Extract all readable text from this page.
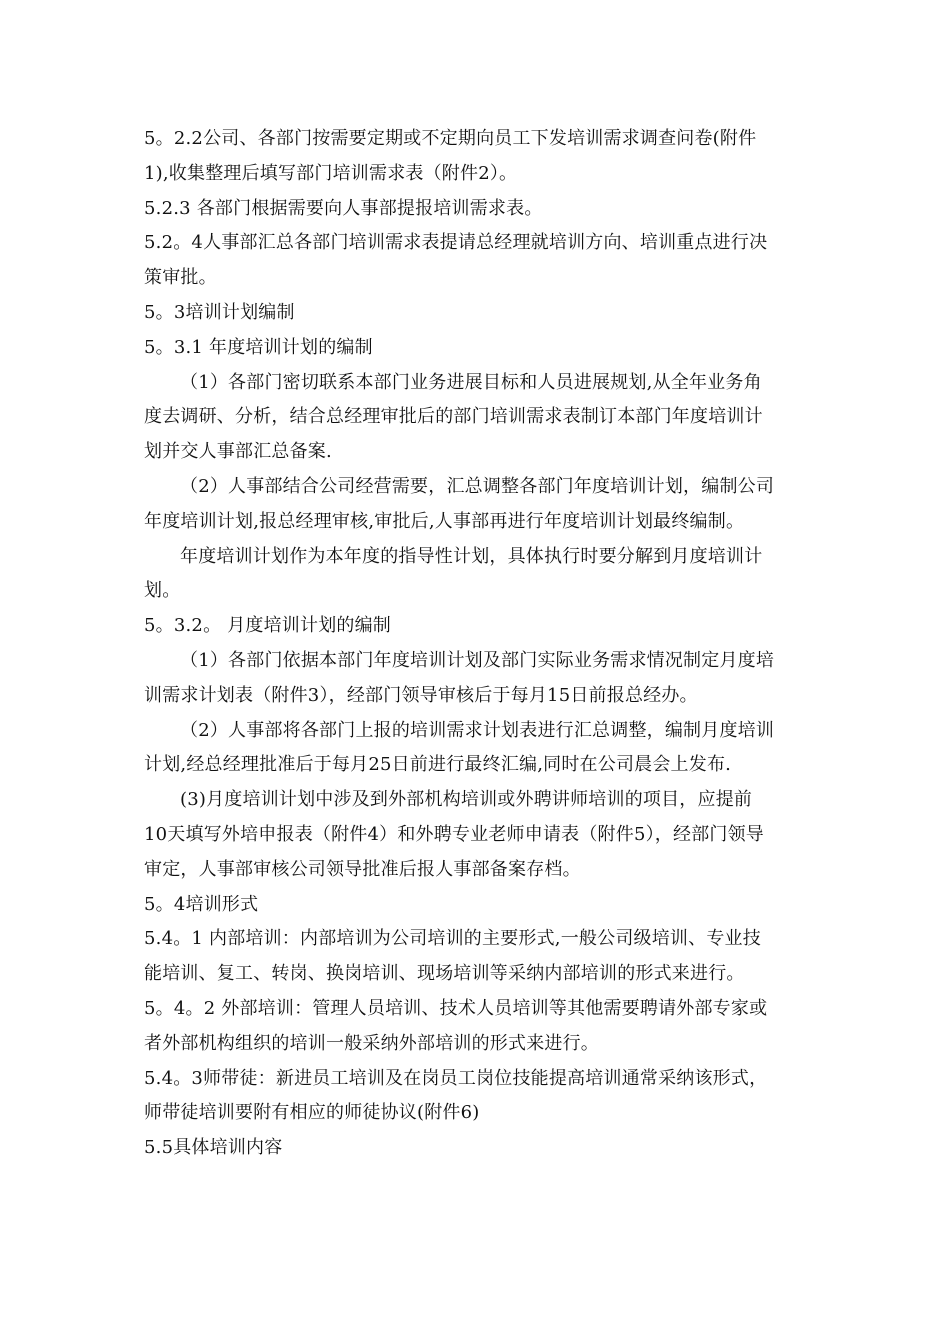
5。2.2公司、各部门按需要定期或不定期向员工下发培训需求调查问卷(附件

1),收集整理后填写部门培训需求表（附件2）。

5.2.3 各部门根据需要向人事部提报培训需求表。

5.2。4人事部汇总各部门培训需求表提请总经理就培训方向、培训重点进行决

策审批。

5。3培训计划编制

5。3.1 年度培训计划的编制

（1）各部门密切联系本部门业务进展目标和人员进展规划,从全年业务角

度去调研、分析，结合总经理审批后的部门培训需求表制订本部门年度培训计

划并交人事部汇总备案.

（2）人事部结合公司经营需要，汇总调整各部门年度培训计划，编制公司

年度培训计划,报总经理审核,审批后,人事部再进行年度培训计划最终编制。

年度培训计划作为本年度的指导性计划，具体执行时要分解到月度培训计

划。

5。3.2。 月度培训计划的编制

（1）各部门依据本部门年度培训计划及部门实际业务需求情况制定月度培

训需求计划表（附件3），经部门领导审核后于每月15日前报总经办。

（2）人事部将各部门上报的培训需求计划表进行汇总调整，编制月度培训

计划,经总经理批准后于每月25日前进行最终汇编,同时在公司晨会上发布.

(3)月度培训计划中涉及到外部机构培训或外聘讲师培训的项目，应提前

10天填写外培申报表（附件4）和外聘专业老师申请表（附件5），经部门领导

审定，人事部审核公司领导批准后报人事部备案存档。

5。4培训形式

5.4。1 内部培训：内部培训为公司培训的主要形式,一般公司级培训、专业技

能培训、复工、转岗、换岗培训、现场培训等采纳内部培训的形式来进行。

5。4。2 外部培训：管理人员培训、技术人员培训等其他需要聘请外部专家或

者外部机构组织的培训一般采纳外部培训的形式来进行。

5.4。3师带徒：新进员工培训及在岗员工岗位技能提高培训通常采纳该形式，

师带徒培训要附有相应的师徒协议(附件6)

5.5具体培训内容
